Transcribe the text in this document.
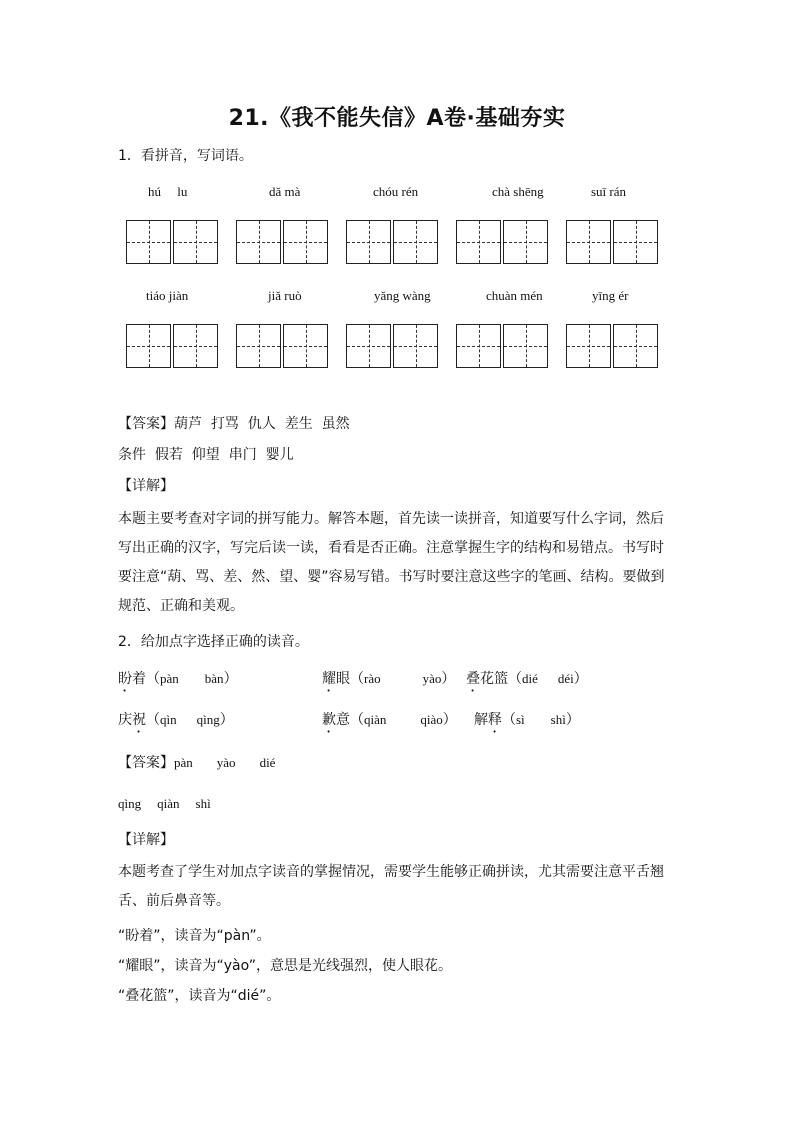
21.《我不能失信》A卷·基础夯实
1．看拼音，写词语。
hú　 lu	dǎ mà	chóu rén	chà shēng	suī rán
tiáo jiàn	jiǎ ruò	yǎng wàng	chuàn mén	yīng ér
【答案】葫芦  打骂  仇人  差生  虽然
条件  假若  仰望  串门  婴儿
【详解】
本题主要考查对字词的拼写能力。解答本题，首先读一读拼音，知道要写什么字词，然后写出正确的汉字，写完后读一读，看看是否正确。注意掌握生字的结构和易错点。书写时要注意“葫、骂、差、然、望、婴”容易写错。书写时要注意这些字的笔画、结构。要做到规范、正确和美观。
2．给加点字选择正确的读音。
盼着（pàn bàn）	耀眼（rào	yào） 叠花篮（dié déi）
庆祝（qìn qìng）	歉意（qiàn	qiào） 解释（sì shì）
【答案】pàn yào dié
qìng qiàn shì
【详解】
本题考查了学生对加点字读音的掌握情况，需要学生能够正确拼读，尤其需要注意平舌翘舌、前后鼻音等。
“盼着”，读音为“pàn”。
“耀眼”，读音为“yào”，意思是光线强烈，使人眼花。
“叠花篮”，读音为“dié”。
